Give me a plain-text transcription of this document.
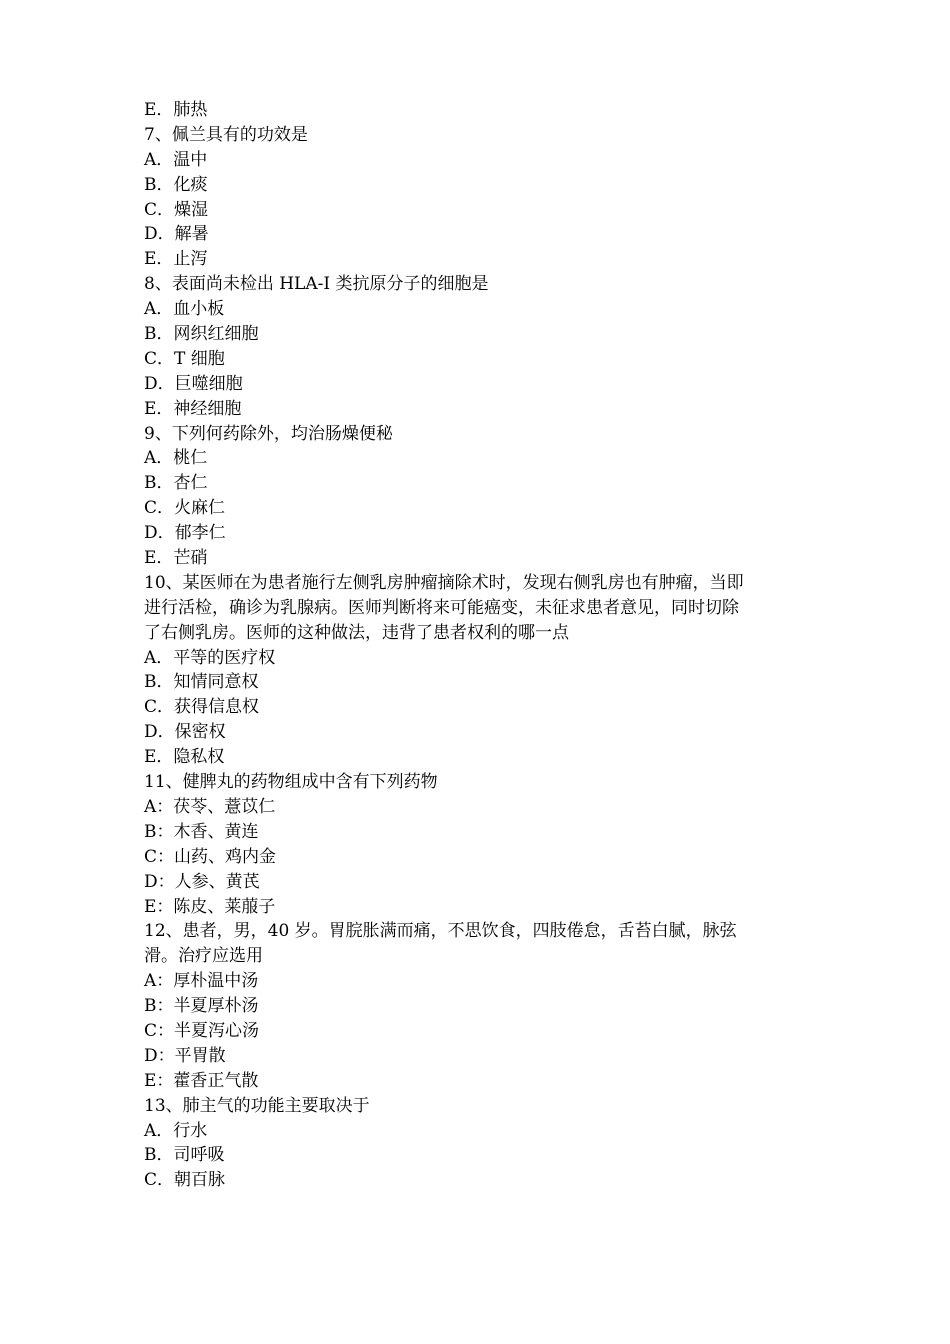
E．肺热
7、佩兰具有的功效是
A．温中
B．化痰
C．燥湿
D．解暑
E．止泻
8、表面尚未检出 HLA-I 类抗原分子的细胞是
A．血小板
B．网织红细胞
C．T 细胞
D．巨噬细胞
E．神经细胞
9、下列何药除外，均治肠燥便秘
A．桃仁
B．杏仁
C．火麻仁
D．郁李仁
E．芒硝
10、某医师在为患者施行左侧乳房肿瘤摘除术时，发现右侧乳房也有肿瘤，当即
进行活检，确诊为乳腺病。医师判断将来可能癌变，未征求患者意见，同时切除
了右侧乳房。医师的这种做法，违背了患者权利的哪一点
A．平等的医疗权
B．知情同意权
C．获得信息权
D．保密权
E．隐私权
11、健脾丸的药物组成中含有下列药物
A：茯苓、薏苡仁
B：木香、黄连
C：山药、鸡内金
D：人参、黄芪
E：陈皮、莱菔子
12、患者，男，40 岁。胃脘胀满而痛，不思饮食，四肢倦怠，舌苔白腻，脉弦
滑。治疗应选用
A：厚朴温中汤
B：半夏厚朴汤
C：半夏泻心汤
D：平胃散
E：藿香正气散
13、肺主气的功能主要取决于
A．行水
B．司呼吸
C．朝百脉
